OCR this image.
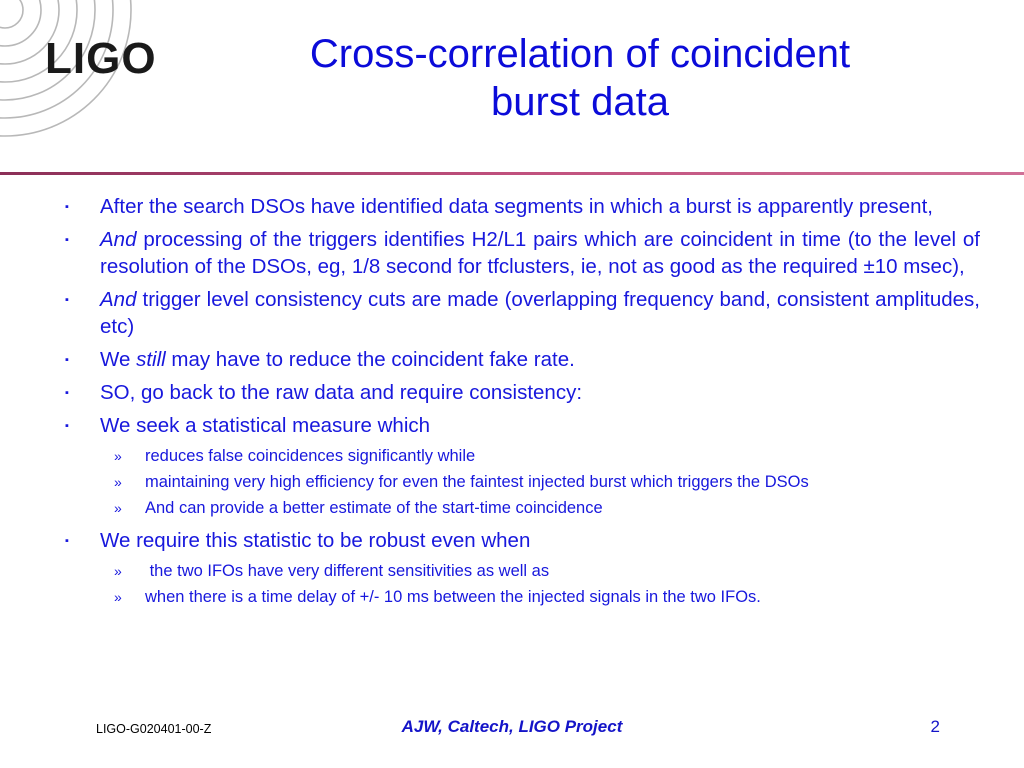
LIGO	Cross-correlation of coincident
burst data
▪ After the search DSOs have identified data segments in which a burst is apparently present,
▪ And processing of the triggers identifies H2/L1 pairs which are coincident in time (to the level of resolution of the DSOs, eg, 1/8 second for tfclusters, ie, not as good as the required ±10 msec),
▪ And trigger level consistency cuts are made (overlapping frequency band, consistent amplitudes, etc)
▪ We still may have to reduce the coincident fake rate.
▪ SO, go back to the raw data and require consistency:
▪ We seek a statistical measure which
» reduces false coincidences significantly while
» maintaining very high efficiency for even the faintest injected burst which triggers the DSOs
» And can provide a better estimate of the start-time coincidence
▪ We require this statistic to be robust even when
» the two IFOs have very different sensitivities as well as
» when there is a time delay of +/- 10 ms between the injected signals in the two IFOs.
LIGO-G020401-00-Z	AJW, Caltech, LIGO Project	2
